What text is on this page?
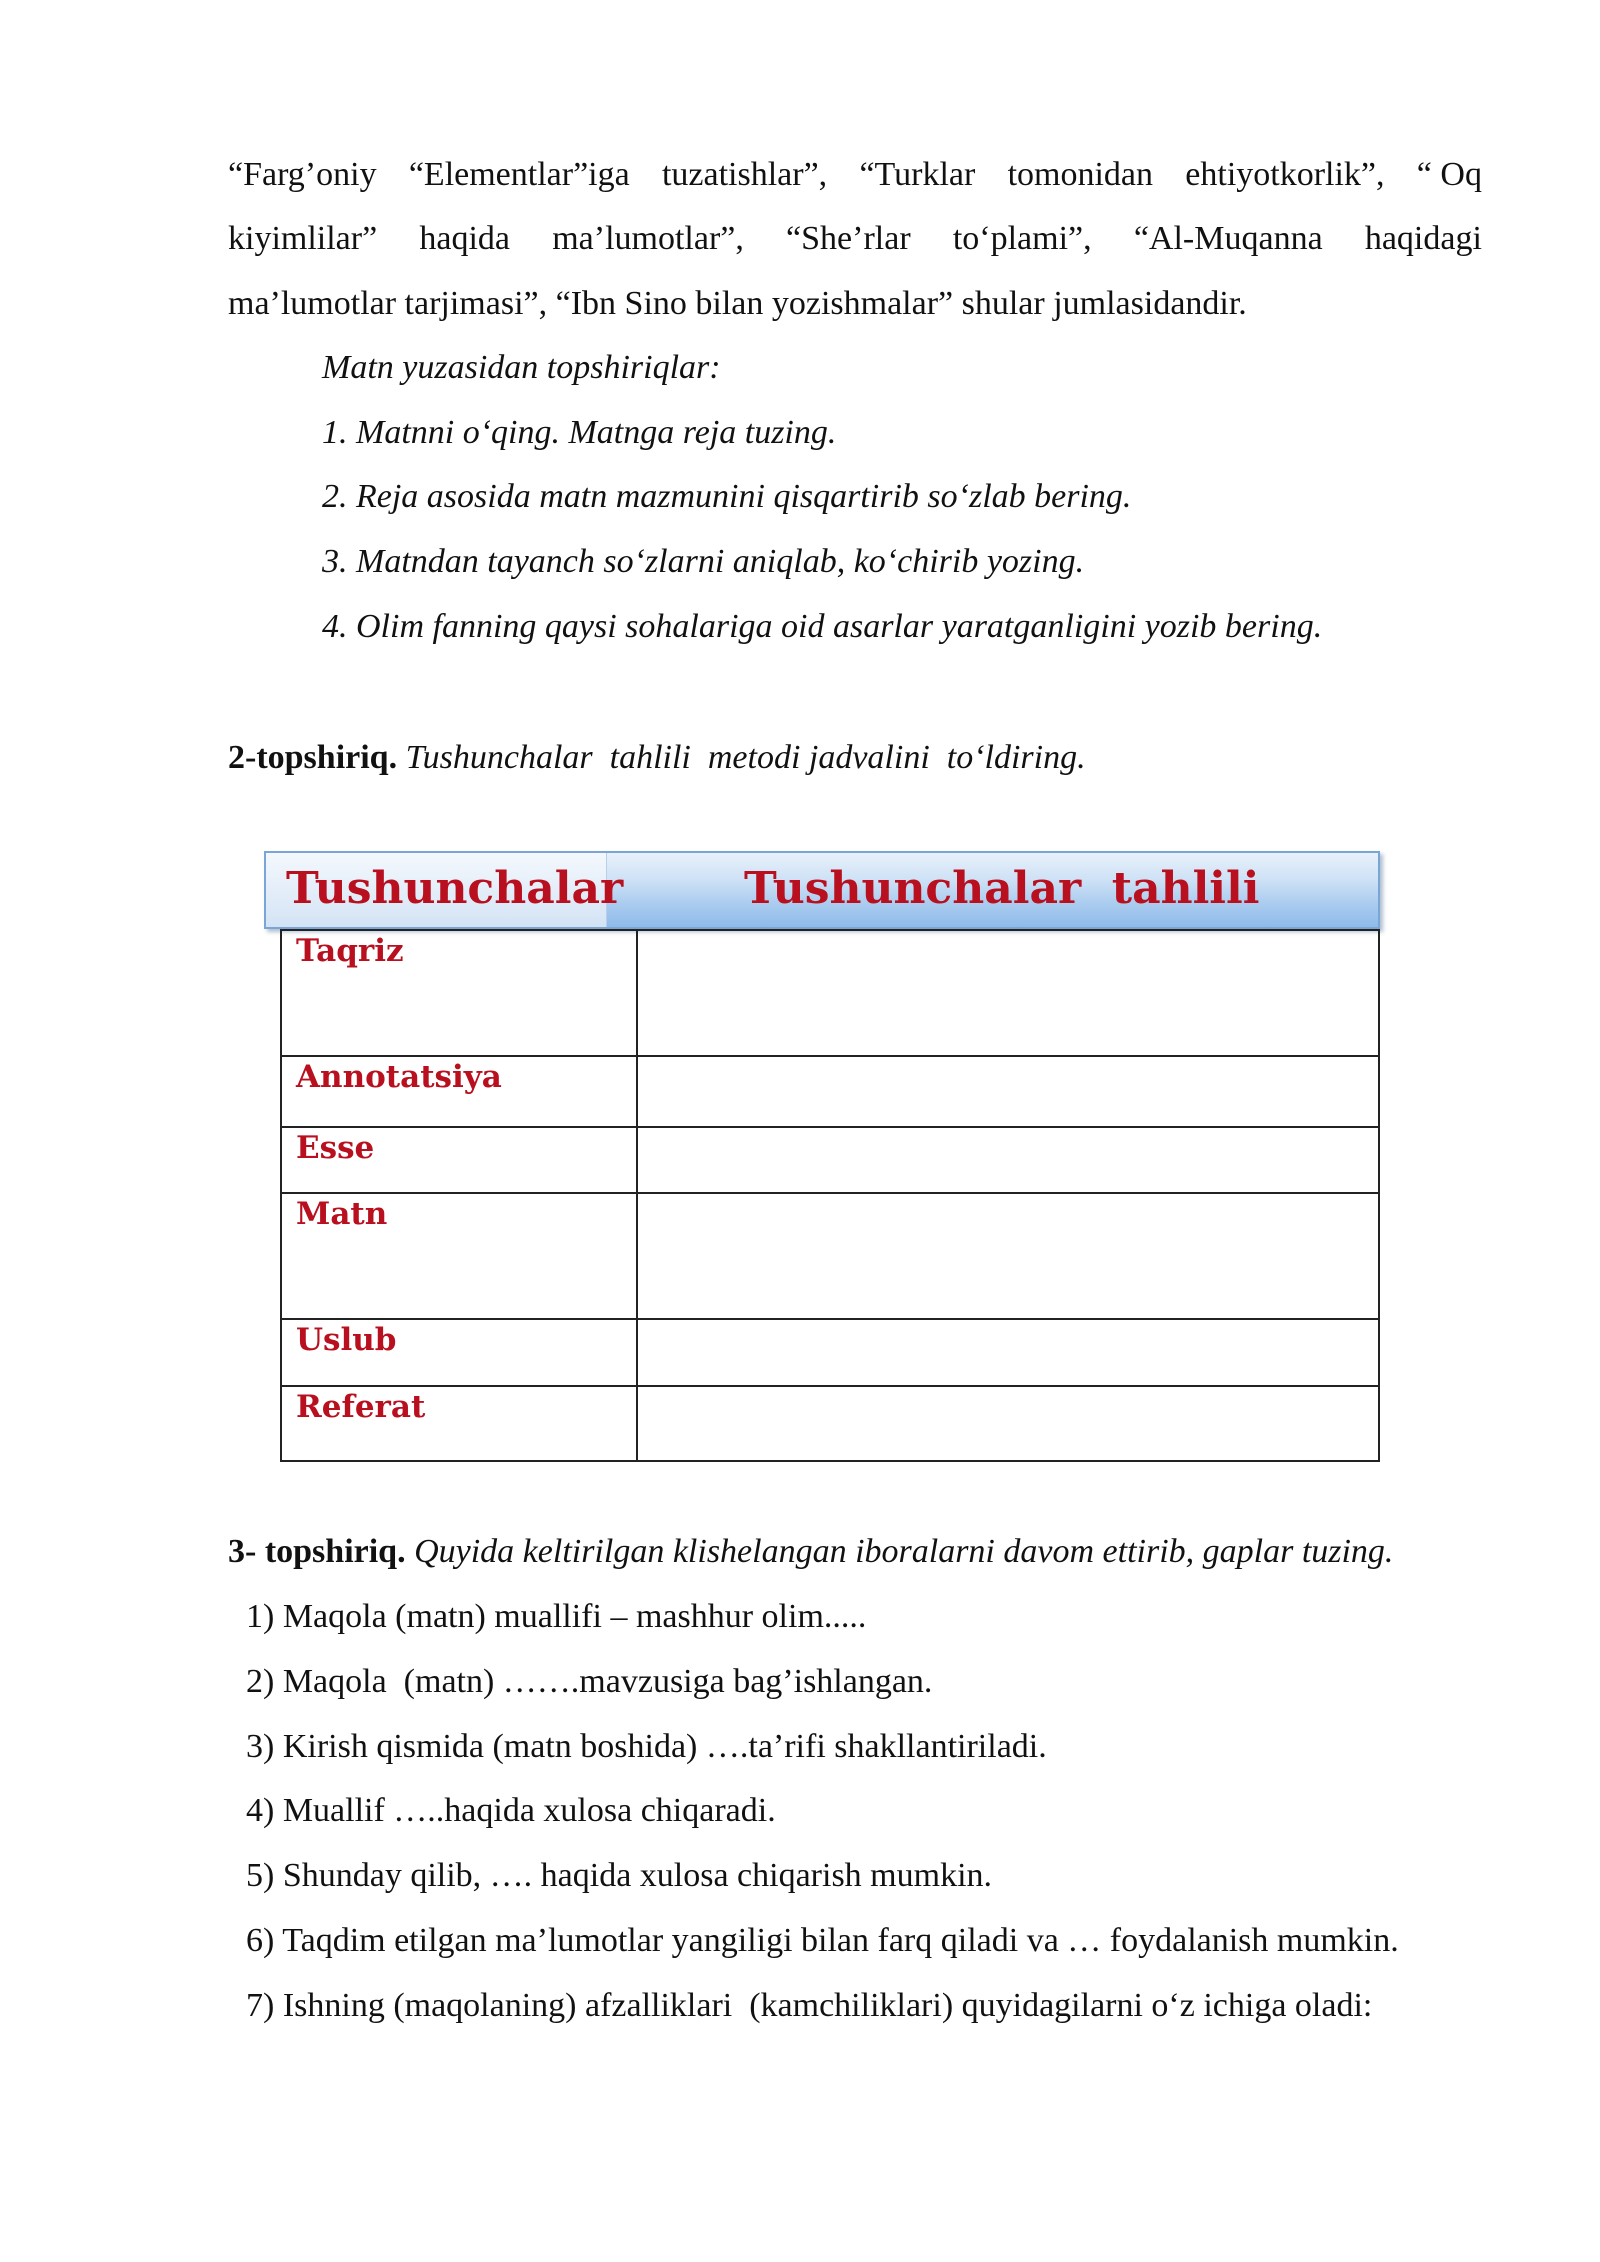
“Farg’oniy “Elementlar”iga tuzatishlar”, “Turklar tomonidan ehtiyotkorlik”, “ Oq
kiyimlilar” haqida ma’lumotlar”, “She’rlar to‘plami”, “Al-Muqanna haqidagi
ma’lumotlar tarjimasi”, “Ibn Sino bilan yozishmalar” shular jumlasidandir.
Matn yuzasidan topshiriqlar:
1. Matnni o‘qing. Matnga reja tuzing.
2. Reja asosida matn mazmunini qisqartirib so‘zlab bering.
3. Matndan tayanch so‘zlarni aniqlab, ko‘chirib yozing.
4. Olim fanning qaysi sohalariga oid asarlar yaratganligini yozib bering.
2-topshiriq. Tushunchalar  tahlili  metodi jadvalini  to‘ldiring.
Tushunchalar	Tushunchalar  tahlili
Taqriz	
Annotatsiya	
Esse	
Matn	
Uslub	
Referat	
3- topshiriq. Quyida keltirilgan klishelangan iboralarni davom ettirib, gaplar tuzing.
1) Maqola (matn) muallifi – mashhur olim.....
2) Maqola  (matn) …….mavzusiga bag’ishlangan.
3) Kirish qismida (matn boshida) ….ta’rifi shakllantiriladi.
4) Muallif …..haqida xulosa chiqaradi.
5) Shunday qilib, …. haqida xulosa chiqarish mumkin.
6) Taqdim etilgan ma’lumotlar yangiligi bilan farq qiladi va … foydalanish mumkin.
7) Ishning (maqolaning) afzalliklari  (kamchiliklari) quyidagilarni o‘z ichiga oladi:
